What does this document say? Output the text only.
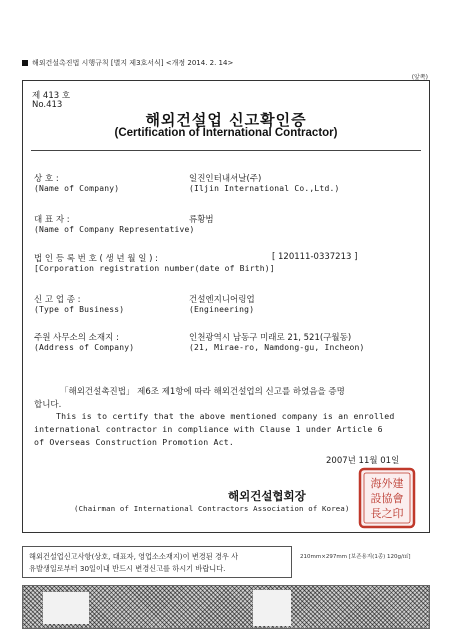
해외건설촉진법 시행규칙 [별지 제3호서식] <개정 2014. 2. 14>
(앞쪽)
제 413 호
No.413
해외건설업 신고확인증
(Certification of International Contractor)
상 호 :
(Name of Company)
일진인터내셔날(주)
(Iljin International Co.,Ltd.)
대 표 자 :
(Name of Company Representative)
류황범
법 인 등 록 번 호 ( 생 년 월 일 ) :	[ 120111-0337213 ]
[Corporation registration number(date of Birth)]
신 고 업 종 :
(Type of Business)
건설엔지니어링업
(Engineering)
주원 사무소의 소재지 :
(Address of Company)
인천광역시 남동구 미래로 21, 521(구월동)
(21, Mirae-ro, Namdong-gu, Incheon)
「해외건설촉진법」 제6조 제1항에 따라 해외건설업의 신고를 하였음을 증명
합니다.
This is to certify that the above mentioned company is an enrolled
international contractor in compliance with Clause 1 under Article 6
of Overseas Construction Promotion Act.
2007년 11월 01일
해외건설협회장
(Chairman of International Contractors Association of Korea)
海外建
設協會
長之印
해외건설업신고사항(상호, 대표자, 영업소소재지)이 변경된 경우 사
유발생일로부터 30일이내 반드시 변경신고를 하시기 바랍니다.
210mm×297mm [보존용지(1종) 120g/㎡]
